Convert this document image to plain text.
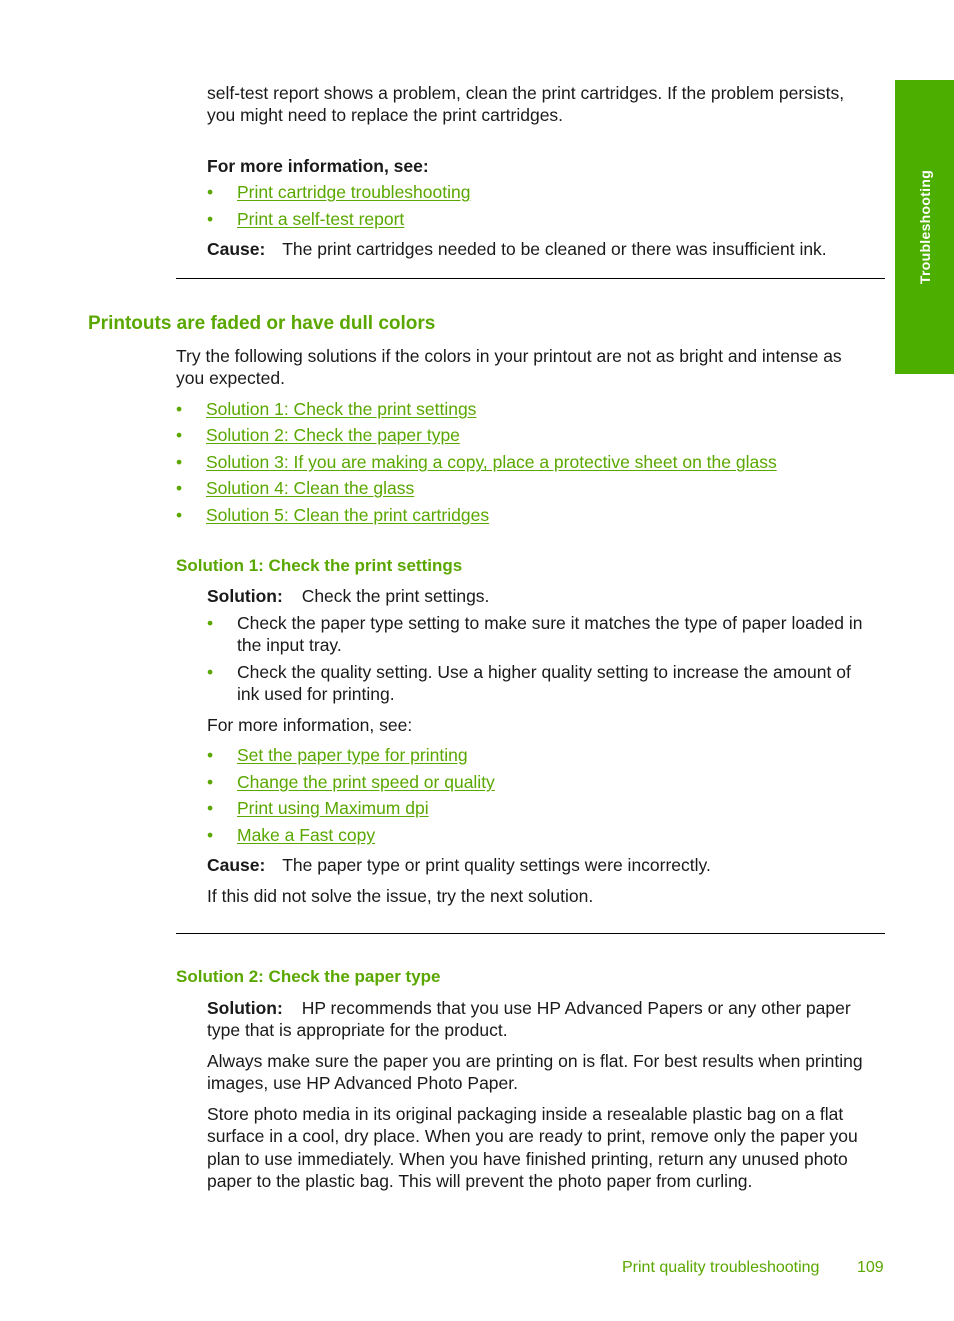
Troubleshooting
self-test report shows a problem, clean the print cartridges. If the problem persists,
you might need to replace the print cartridges.
For more information, see:
• Print cartridge troubleshooting
• Print a self-test report
Cause: The print cartridges needed to be cleaned or there was insufficient ink.
Printouts are faded or have dull colors
Try the following solutions if the colors in your printout are not as bright and intense as
you expected.
• Solution 1: Check the print settings
• Solution 2: Check the paper type
• Solution 3: If you are making a copy, place a protective sheet on the glass
• Solution 4: Clean the glass
• Solution 5: Clean the print cartridges
Solution 1: Check the print settings
Solution: Check the print settings.
• Check the paper type setting to make sure it matches the type of paper loaded in
the input tray.
• Check the quality setting. Use a higher quality setting to increase the amount of
ink used for printing.
For more information, see:
• Set the paper type for printing
• Change the print speed or quality
• Print using Maximum dpi
• Make a Fast copy
Cause: The paper type or print quality settings were incorrectly.
If this did not solve the issue, try the next solution.
Solution 2: Check the paper type
Solution: HP recommends that you use HP Advanced Papers or any other paper
type that is appropriate for the product.
Always make sure the paper you are printing on is flat. For best results when printing
images, use HP Advanced Photo Paper.
Store photo media in its original packaging inside a resealable plastic bag on a flat
surface in a cool, dry place. When you are ready to print, remove only the paper you
plan to use immediately. When you have finished printing, return any unused photo
paper to the plastic bag. This will prevent the photo paper from curling.
Print quality troubleshooting 109
